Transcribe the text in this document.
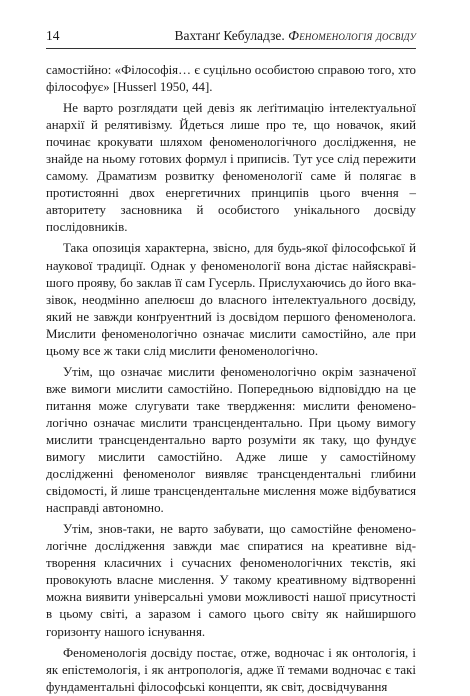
14	Вахтанґ Кебуладзе. Феноменологія досвіду

самостійно: «Філософія… є суцільно особистою справою того, хто філософує» [Husserl 1950, 44].

Не варто розглядати цей девіз як леґітимацію інтелектуальної анархії й релятивізму. Йдеться лише про те, що новачок, який починає крокувати шляхом феноменологічного дослідження, не знайде на ньому готових формул і приписів. Тут усе слід пережити самому. Драматизм розвитку феноменології саме й полягає в протистоянні двох енергетичних принципів цього вчення – авторитету засновника й особистого унікального досвіду послідовників.

Така опозиція характерна, звісно, для будь-якої філософської й наукової традиції. Однак у феноменології вона дістає найяскравішого прояву, бо заклав її сам Гусерль. Прислухаючись до його вказівок, неодмінно апелюєш до власного інтелектуального досвіду, який не завжди конґруентний із досвідом першого феноменолога. Мислити феноменологічно означає мислити самостійно, але при цьому все ж таки слід мислити феноменологічно.

Утім, що означає мислити феноменологічно окрім зазначеної вже вимоги мислити самостійно. Попередньою відповіддю на це питання може слугувати таке твердження: мислити феноменологічно означає мислити трансцендентально. При цьому вимогу мислити трансцендентально варто розуміти як таку, що фундує вимогу мислити самостійно. Адже лише у самостійному дослідженні феноменолог виявляє трансцендентальні глибини свідомості, й лише трансцендентальне мислення може відбуватися насправді автономно.

Утім, знов-таки, не варто забувати, що самостійне феноменологічне дослідження завжди має спиратися на креативне відтворення класичних і сучасних феноменологічних текстів, які провокують власне мислення. У такому креативному відтворенні можна виявити універсальні умови можливості нашої присутності в цьому світі, а заразом і самого цього світу як найширшого горизонту нашого існування.

Феноменологія досвіду постає, отже, водночас і як онтологія, і як епістемологія, і як антропологія, адже її темами водночас є такі фундаментальні філософські концепти, як світ, досвідчування
